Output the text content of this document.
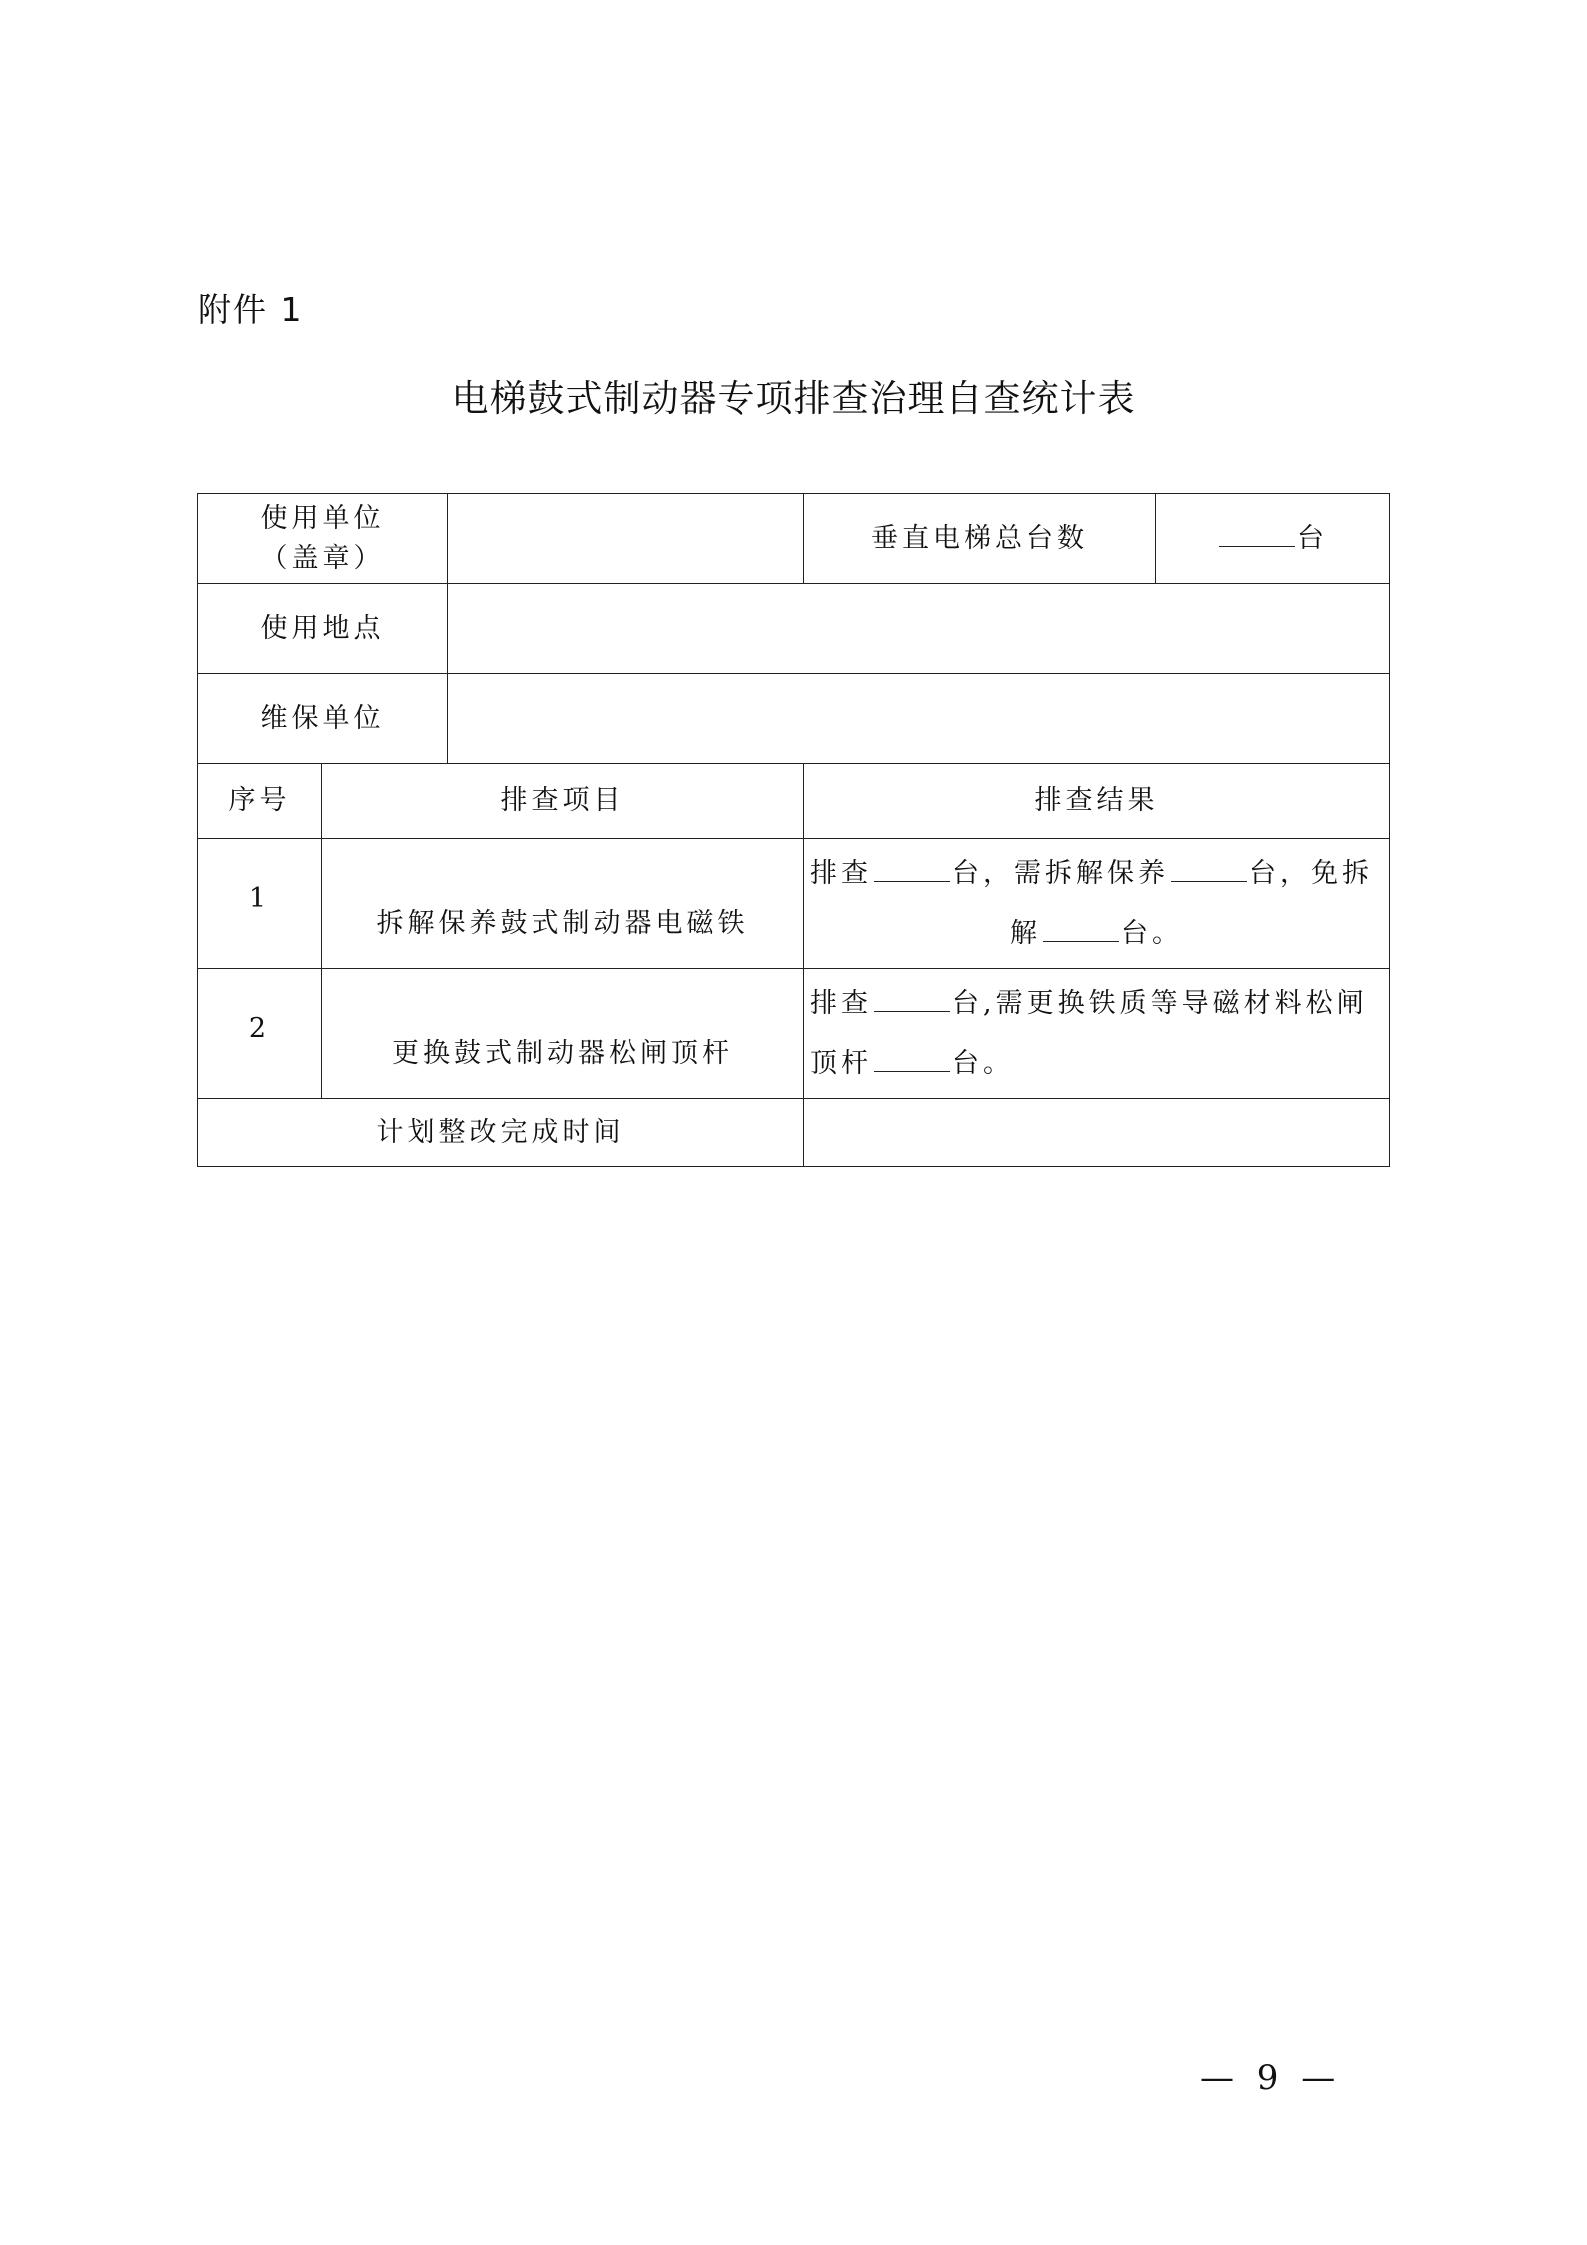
附件 1
电梯鼓式制动器专项排查治理自查统计表
使用单位
（盖章）			垂直电梯总台数	台
使用地点				
维保单位				
序号	排查项目		排查结果	
1	拆解保养鼓式制动器电磁铁		排查 台，需拆解保养 台，免拆
解 台。	

2	更换鼓式制动器松闸顶杆		排查 台,需更换铁质等导磁材料松闸
顶杆 台。	

计划整改完成时间				
— 9 —
